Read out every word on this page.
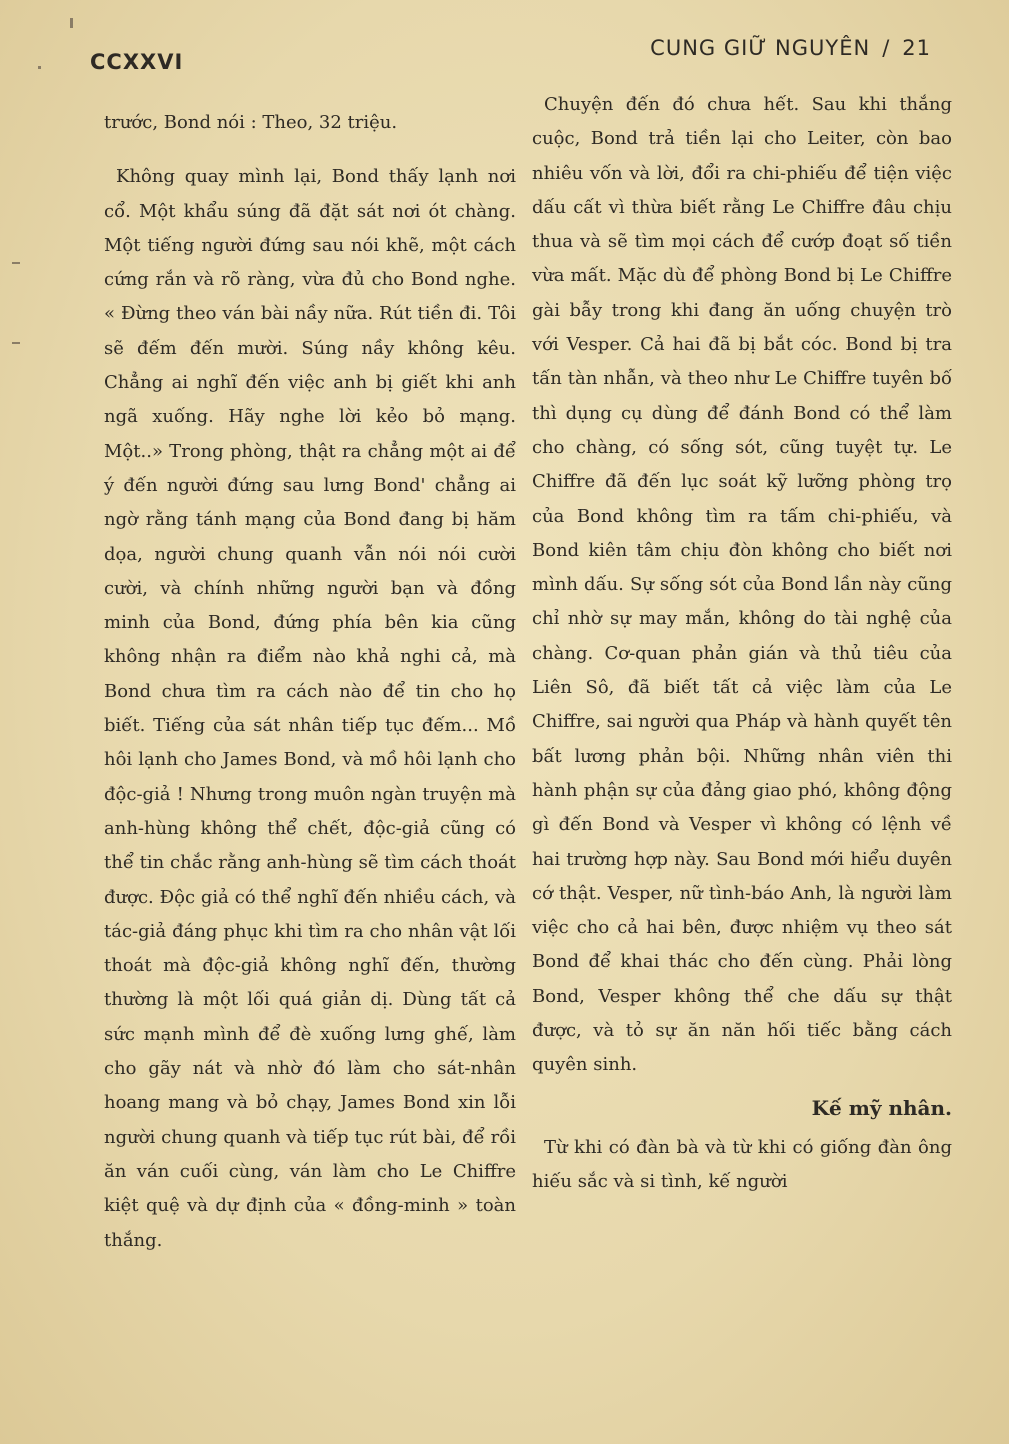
CCXXVI
CUNG GIỮ NGUYÊN / 21

trước, Bond nói : Theo, 32 triệu.

Không quay mình lại, Bond thấy lạnh nơi cổ. Một khẩu súng đã đặt sát nơi ót chàng. Một tiếng người đứng sau nói khẽ, một cách cứng rắn và rõ ràng, vừa đủ cho Bond nghe. « Đừng theo ván bài nầy nữa. Rút tiền đi. Tôi sẽ đếm đến mười. Súng nầy không kêu. Chẳng ai nghĩ đến việc anh bị giết khi anh ngã xuống. Hãy nghe lời kẻo bỏ mạng. Một..» Trong phòng, thật ra chẳng một ai để ý đến người đứng sau lưng Bond' chẳng ai ngờ rằng tánh mạng của Bond đang bị hăm dọa, người chung quanh vẫn nói nói cười cười, và chính những người bạn và đồng minh của Bond, đứng phía bên kia cũng không nhận ra điểm nào khả nghi cả, mà Bond chưa tìm ra cách nào để tin cho họ biết. Tiếng của sát nhân tiếp tục đếm... Mồ hôi lạnh cho James Bond, và mồ hôi lạnh cho độc-giả ! Nhưng trong muôn ngàn truyện mà anh-hùng không thể chết, độc-giả cũng có thể tin chắc rằng anh-hùng sẽ tìm cách thoát được. Độc giả có thể nghĩ đến nhiều cách, và tác-giả đáng phục khi tìm ra cho nhân vật lối thoát mà độc-giả không nghĩ đến, thường thường là một lối quá giản dị. Dùng tất cả sức mạnh mình để đè xuống lưng ghế, làm cho gãy nát và nhờ đó làm cho sát-nhân hoang mang và bỏ chạy, James Bond xin lỗi người chung quanh và tiếp tục rút bài, để rồi ăn ván cuối cùng, ván làm cho Le Chiffre kiệt quệ và dự định của « đồng-minh » toàn thắng.

Chuyện đến đó chưa hết. Sau khi thắng cuộc, Bond trả tiền lại cho Leiter, còn bao nhiêu vốn và lời, đổi ra chi-phiếu để tiện việc dấu cất vì thừa biết rằng Le Chiffre đâu chịu thua và sẽ tìm mọi cách để cướp đoạt số tiền vừa mất. Mặc dù để phòng Bond bị Le Chiffre gài bẫy trong khi đang ăn uống chuyện trò với Vesper. Cả hai đã bị bắt cóc. Bond bị tra tấn tàn nhẫn, và theo như Le Chiffre tuyên bố thì dụng cụ dùng để đánh Bond có thể làm cho chàng, có sống sót, cũng tuyệt tự. Le Chiffre đã đến lục soát kỹ lưỡng phòng trọ của Bond không tìm ra tấm chi-phiếu, và Bond kiên tâm chịu đòn không cho biết nơi mình dấu. Sự sống sót của Bond lần này cũng chỉ nhờ sự may mắn, không do tài nghệ của chàng. Cơ-quan phản gián và thủ tiêu của Liên Sô, đã biết tất cả việc làm của Le Chiffre, sai người qua Pháp và hành quyết tên bất lương phản bội. Những nhân viên thi hành phận sự của đảng giao phó, không động gì đến Bond và Vesper vì không có lệnh về hai trường hợp này. Sau Bond mới hiểu duyên cớ thật. Vesper, nữ tình-báo Anh, là người làm việc cho cả hai bên, được nhiệm vụ theo sát Bond để khai thác cho đến cùng. Phải lòng Bond, Vesper không thể che dấu sự thật được, và tỏ sự ăn năn hối tiếc bằng cách quyên sinh.

Kế mỹ nhân.

Từ khi có đàn bà và từ khi có giống đàn ông hiếu sắc và si tình, kế người
